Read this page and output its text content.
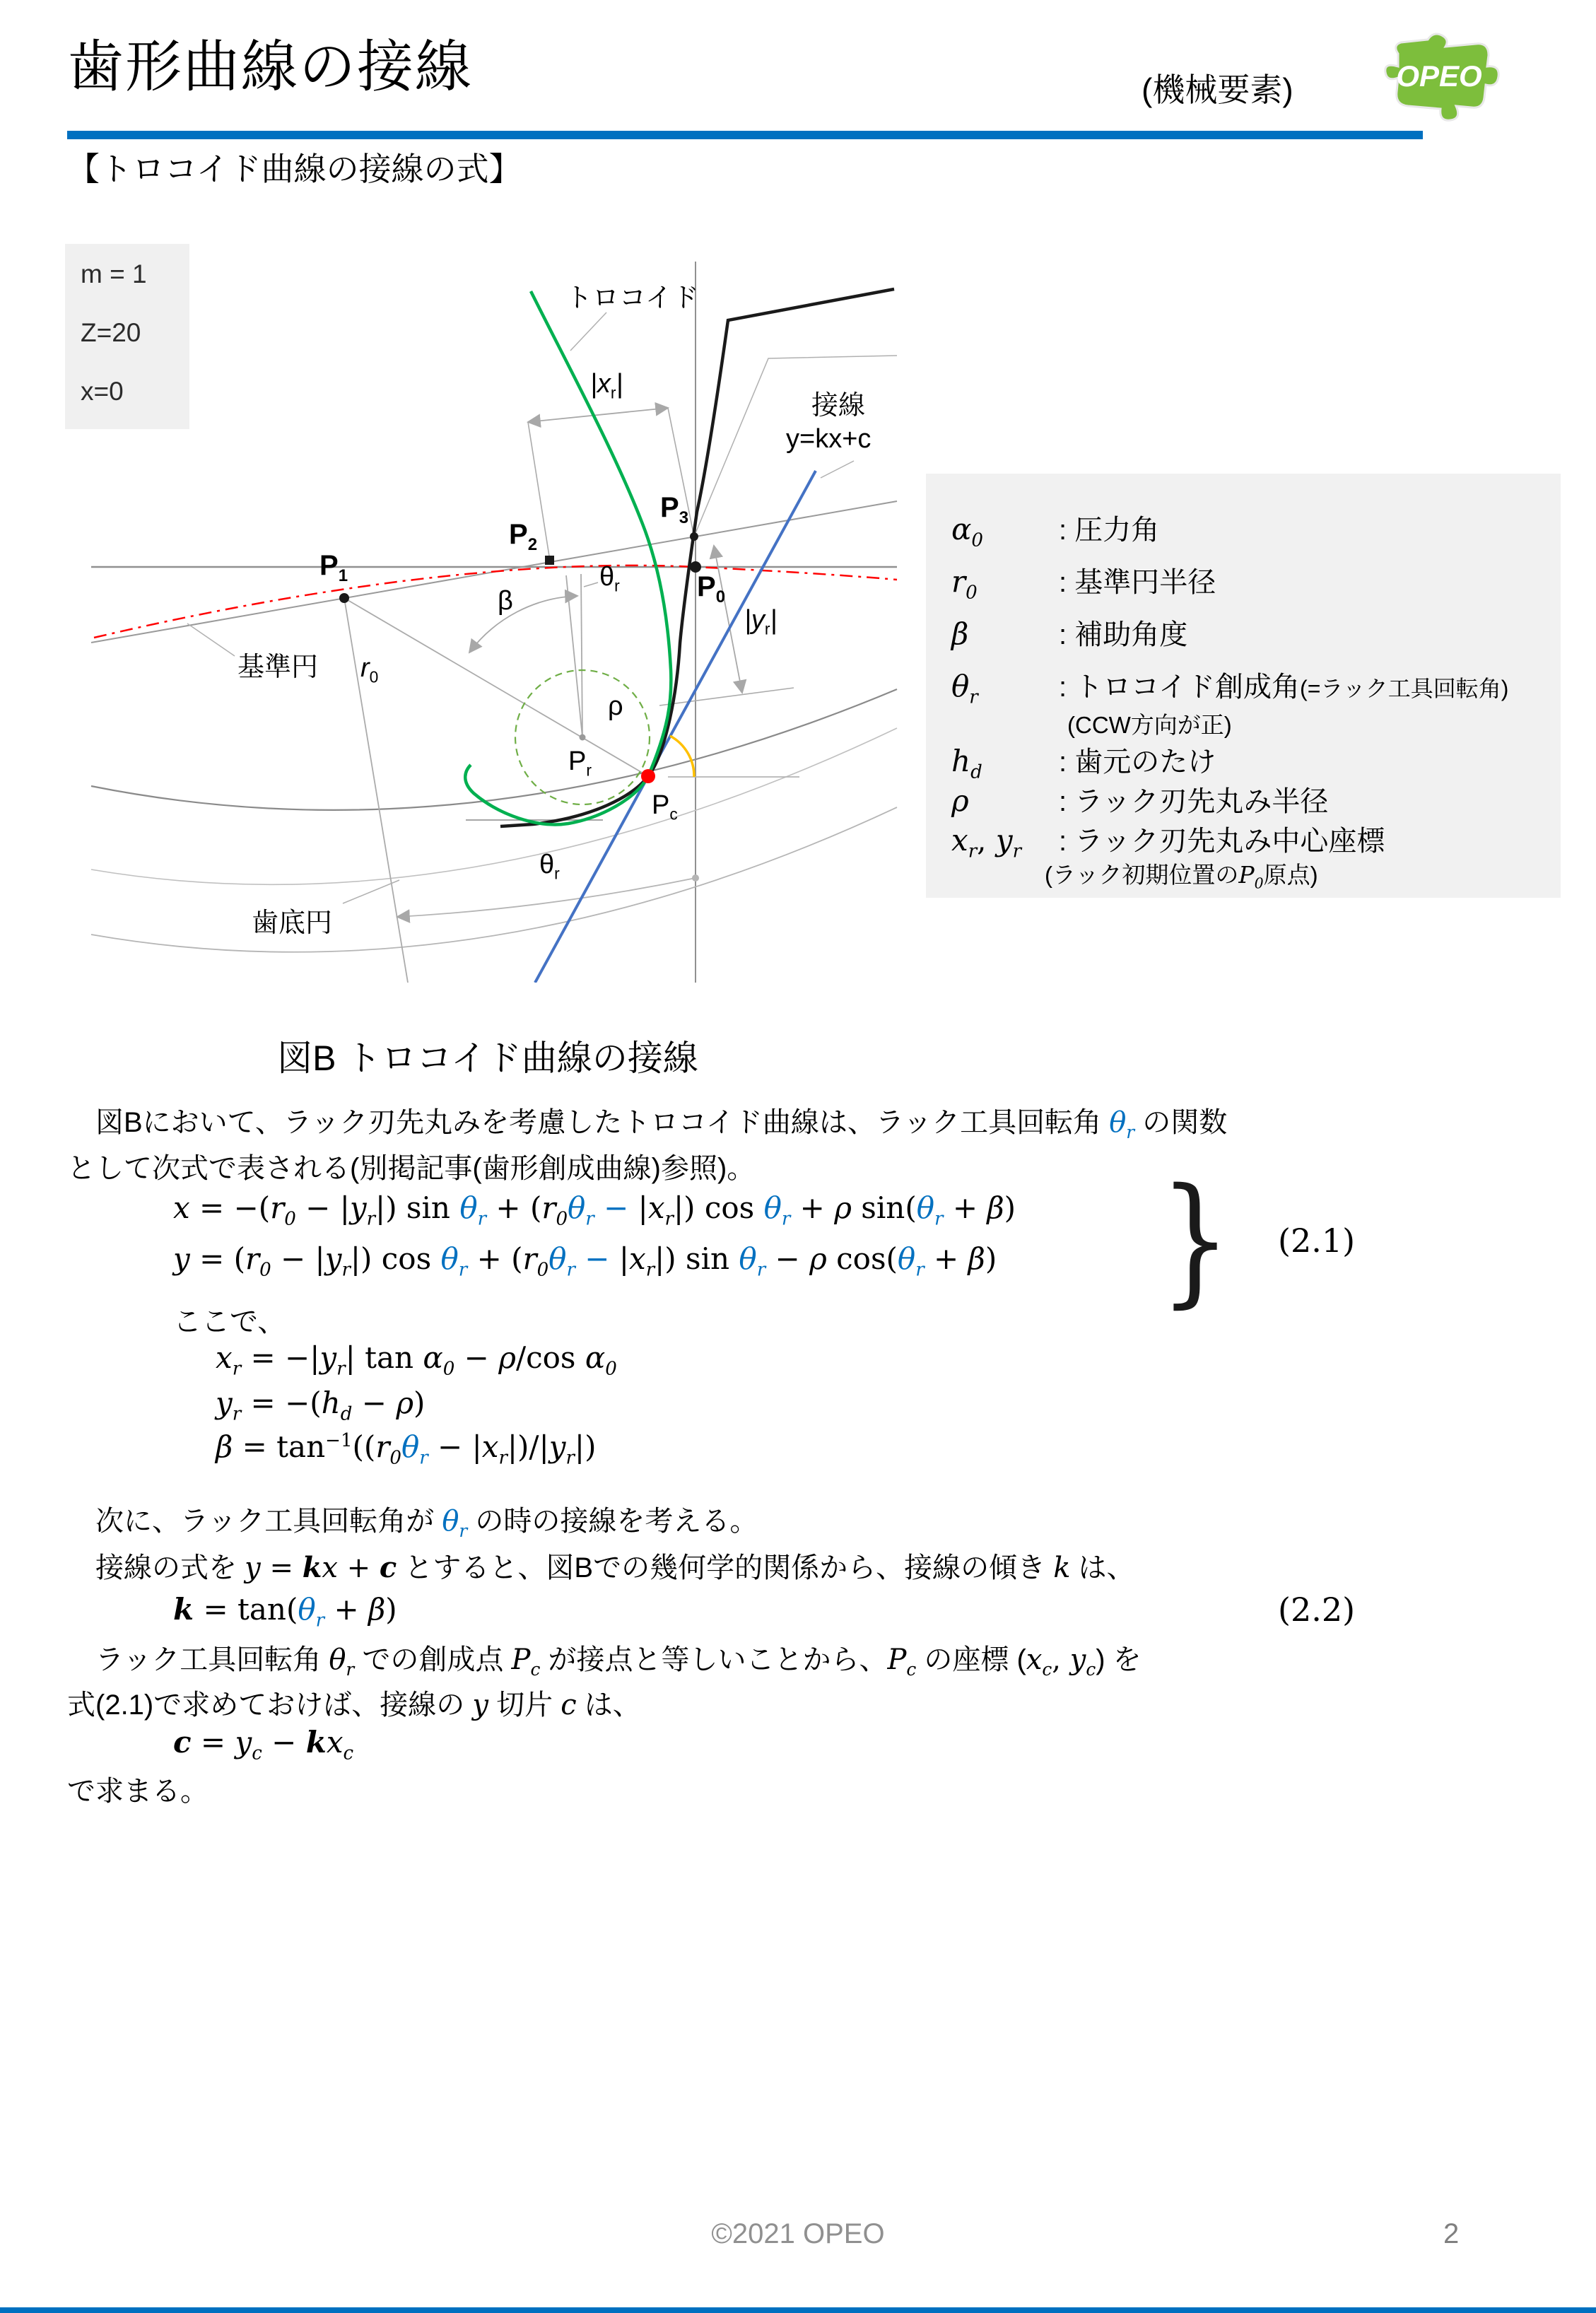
歯形曲線の接線	(機械要素)	OPEO
【トロコイド曲線の接線の式】
m = 1
Z=20
x=0
トロコイド
$|x_r|$
接線
y=kx+c
$P_3$
$P_2$
$P_1$	$P_0$
$\theta_r$
β
$|y_r|$
基準円 $r_0$
ρ
$P_r$
$P_c$
$\theta_r$
歯底円
$\alpha_0$	: 圧力角
$r_0$	: 基準円半径
β	: 補助角度
$\theta_r$	: トロコイド創成角(=ラック工具回転角)
(CCW方向が正)
$h_d$	: 歯元のたけ
ρ	: ラック刃先丸み半径
$x_r$, $y_r$ : ラック刃先丸み中心座標
(ラック初期位置の$P_0$原点)
図B トロコイド曲線の接線
　図Bにおいて、ラック刃先丸みを考慮したトロコイド曲線は、ラック工具回転角 $\theta_r$ の関数
として次式で表される(別掲記事(歯形創成曲線)参照)。
$x = -(r_0 - |y_r|)$ $\sin \theta_r + (r_0\theta_r - |x_r|)$ $\cos \theta_r + \rho$ $\sin(\theta_r + \beta)$
$y = (r_0 - |y_r|)$ $\cos \theta_r + (r_0\theta_r - |x_r|)$ $\sin \theta_r - \rho$ $\cos(\theta_r + \beta)$ } (2.1)
ここで、
$x_r = -|y_r|$ $\tan \alpha_0 - \rho/\cos$ $\alpha_0$
$y_r = -(h_d - \rho)$
$\beta = \tan^{-1}((r_0\theta_r - |x_r|)/|y_r|)$
　次に、ラック工具回転角が $\theta_r$ の時の接線を考える。
　接線の式を y = kx + c とすると、図Bでの幾何学的関係から、接線の傾き k は、
$k = \tan(\theta_r + \beta)$	(2.2)
　ラック工具回転角 $\theta_r$ での創成点 $P_c$ が接点と等しいことから、$P_c$ の座標 ($x_c$, $y_c$) を
式(2.1)で求めておけば、接線の y 切片 c は、
$c = y_c - kx_c$
で求まる。
©2021 OPEO	2
